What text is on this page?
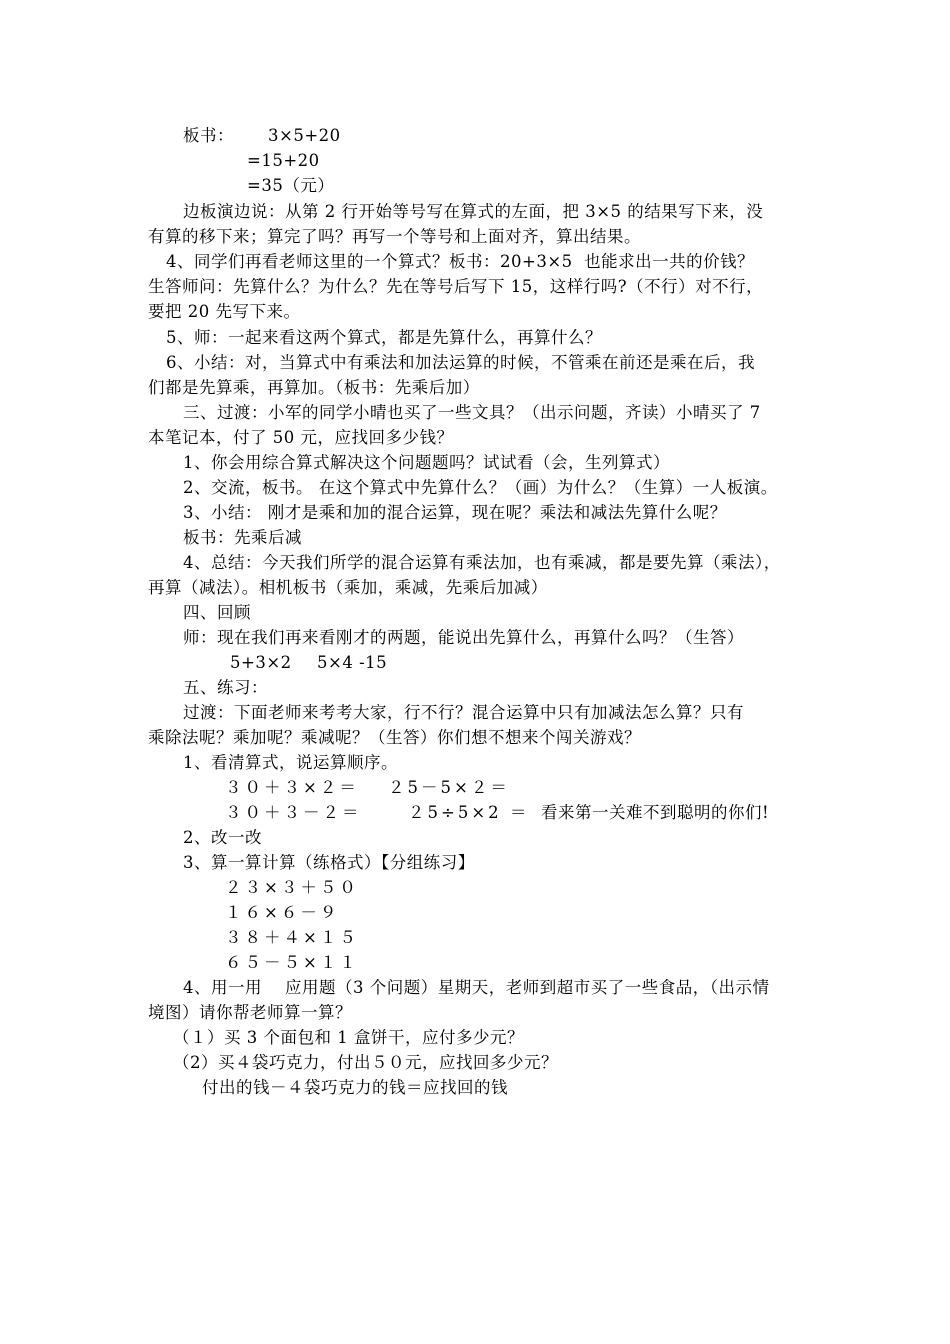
板书： 3×5+20
=15+20
=35（元）
边板演边说：从第 2 行开始等号写在算式的左面，把 3×5 的结果写下来，没
有算的移下来；算完了吗？再写一个等号和上面对齐，算出结果。
4、同学们再看老师这里的一个算式？板书：20+3×5  也能求出一共的价钱？
生答师问：先算什么？为什么？先在等号后写下 15，这样行吗?（不行）对不行，
要把 20 先写下来。
5、师：一起来看这两个算式，都是先算什么，再算什么？
6、小结：对，当算式中有乘法和加法运算的时候，不管乘在前还是乘在后，我
们都是先算乘，再算加。（板书：先乘后加）
三、过渡：小军的同学小晴也买了一些文具？（出示问题，齐读）小晴买了 7
本笔记本，付了 50 元，应找回多少钱？
1、你会用综合算式解决这个问题题吗？试试看（会，生列算式）
2、交流，板书。 在这个算式中先算什么？（画）为什么？（生算）一人板演。
3、小结： 刚才是乘和加的混合运算，现在呢？乘法和减法先算什么呢？
板书：先乘后减
4、总结：今天我们所学的混合运算有乘法加，也有乘减，都是要先算（乘法），
再算（减法）。相机板书（乘加，乘减，先乘后加减）
四、回顾
师：现在我们再来看刚才的两题，能说出先算什么，再算什么吗？（生答）
5+3×2 5×4 -15
五、练习：
过渡：下面老师来考考大家，行不行？混合运算中只有加减法怎么算？只有
乘除法呢？乘加呢？乘减呢？（生答）你们想不想来个闯关游戏？
1、看清算式，说运算顺序。
３０＋３×２＝ ２5－5×２＝
３０＋３－２＝	２5÷5×2 ＝ 看来第一关难不到聪明的你们!
2、改一改
3、算一算计算（练格式）【分组练习】
２３×３＋５０
１６×６－９
３８＋４×１５
６５－５×１１
4、用一用    应用题（3 个问题）星期天，老师到超市买了一些食品，（出示情
境图）请你帮老师算一算？
（１）买 3 个面包和 1 盒饼干，应付多少元？
（2）买４袋巧克力，付出５０元，应找回多少元？
付出的钱－４袋巧克力的钱＝应找回的钱
